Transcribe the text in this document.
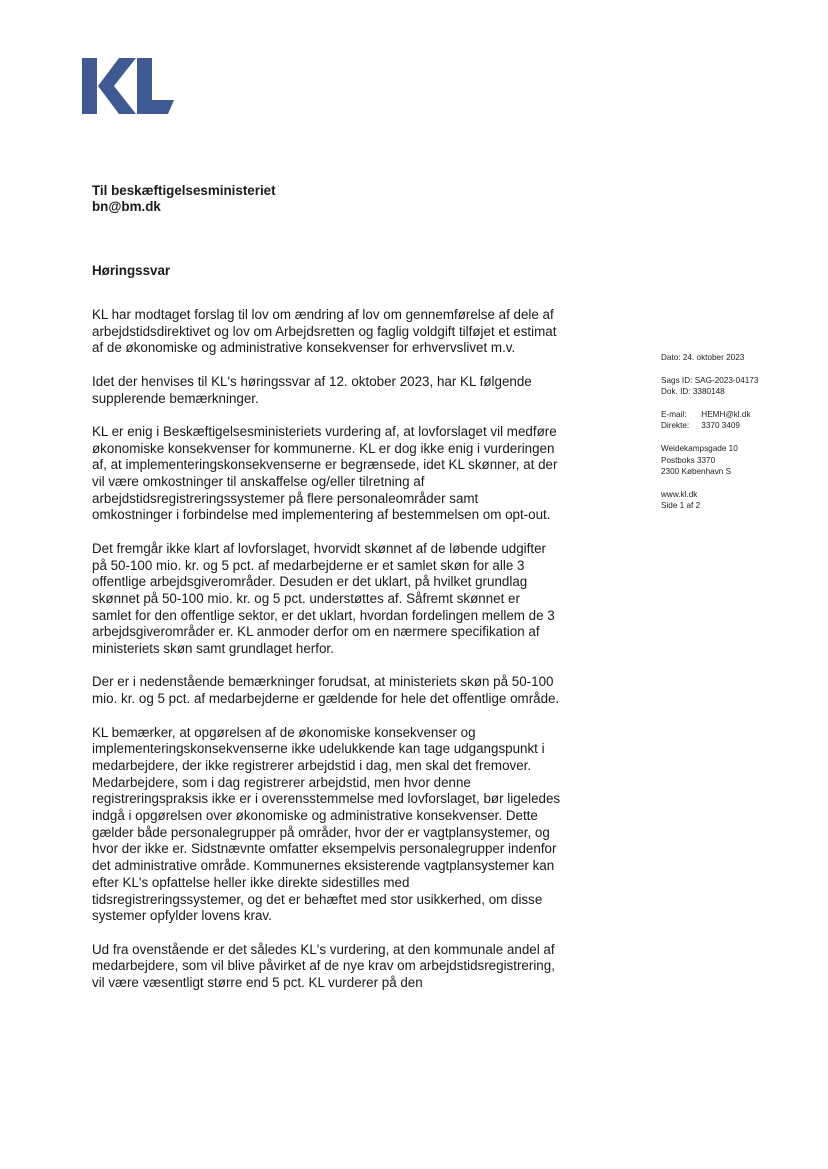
Til beskæftigelsesministeriet
bn@bm.dk
Høringssvar

KL har modtaget forslag til lov om ændring af lov om gennemførelse af dele af arbejdstidsdirektivet og lov om Arbejdsretten og faglig voldgift tilføjet et estimat af de økonomiske og administrative konsekvenser for erhvervslivet m.v.

Idet der henvises til KL's høringssvar af 12. oktober 2023, har KL følgende supplerende bemærkninger.

KL er enig i Beskæftigelsesministeriets vurdering af, at lovforslaget vil medføre økonomiske konsekvenser for kommunerne. KL er dog ikke enig i vurderingen af, at implementeringskonsekvenserne er begrænsede, idet KL skønner, at der vil være omkostninger til anskaffelse og/eller tilretning af arbejdstidsregistreringssystemer på flere personaleområder samt omkostninger i forbindelse med implementering af bestemmelsen om opt-out.

Det fremgår ikke klart af lovforslaget, hvorvidt skønnet af de løbende udgifter på 50-100 mio. kr. og 5 pct. af medarbejderne er et samlet skøn for alle 3 offentlige arbejdsgiverområder. Desuden er det uklart, på hvilket grundlag skønnet på 50-100 mio. kr. og 5 pct. understøttes af. Såfremt skønnet er samlet for den offentlige sektor, er det uklart, hvordan fordelingen mellem de 3 arbejdsgiverområder er. KL anmoder derfor om en nærmere specifikation af ministeriets skøn samt grundlaget herfor.

Der er i nedenstående bemærkninger forudsat, at ministeriets skøn på 50-100 mio. kr. og 5 pct. af medarbejderne er gældende for hele det offentlige område.

KL bemærker, at opgørelsen af de økonomiske konsekvenser og implementeringskonsekvenserne ikke udelukkende kan tage udgangspunkt i medarbejdere, der ikke registrerer arbejdstid i dag, men skal det fremover. Medarbejdere, som i dag registrerer arbejdstid, men hvor denne registreringspraksis ikke er i overensstemmelse med lovforslaget, bør ligeledes indgå i opgørelsen over økonomiske og administrative konsekvenser. Dette gælder både personalegrupper på områder, hvor der er vagtplansystemer, og hvor der ikke er. Sidstnævnte omfatter eksempelvis personalegrupper indenfor det administrative område. Kommunernes eksisterende vagtplansystemer kan efter KL's opfattelse heller ikke direkte sidestilles med tidsregistreringssystemer, og det er behæftet med stor usikkerhed, om disse systemer opfylder lovens krav.

Ud fra ovenstående er det således KL's vurdering, at den kommunale andel af medarbejdere, som vil blive påvirket af de nye krav om arbejdstidsregistrering, vil være væsentligt større end 5 pct. KL vurderer på den

Dato: 24. oktober 2023
Sags ID: SAG-2023-04173
Dok. ID: 3380148
E-mail: HEMH@kl.dk
Direkte: 3370 3409
Weidekampsgade 10
Postboks 3370
2300 København S
www.kl.dk
Side 1 af 2
